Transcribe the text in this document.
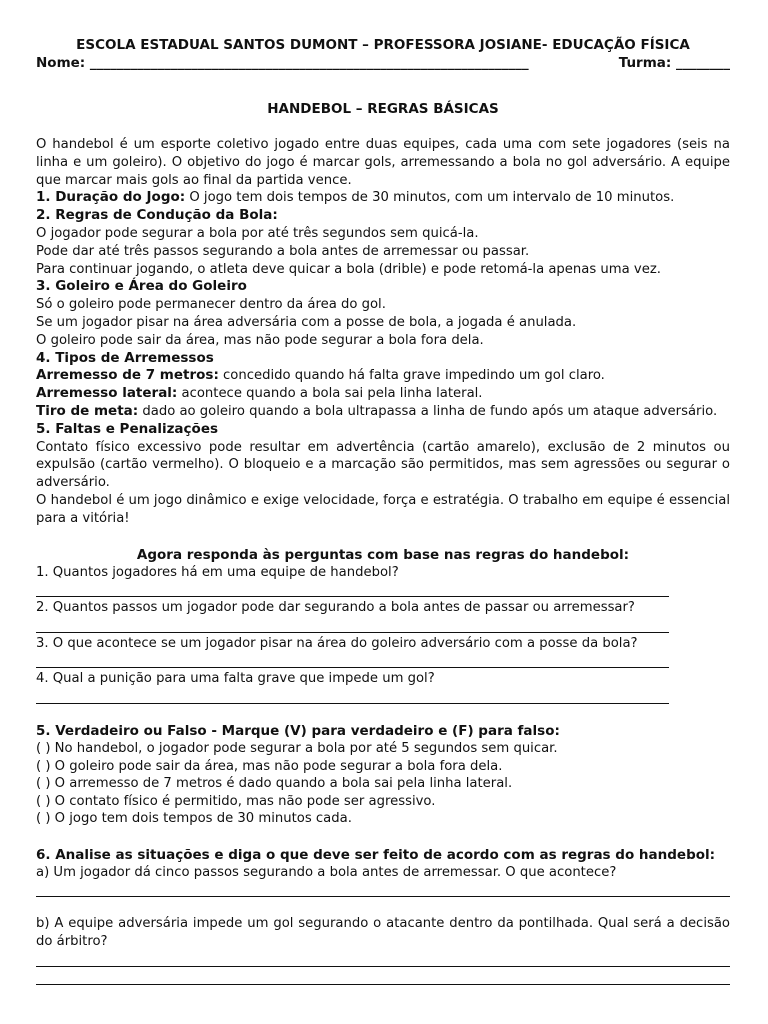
ESCOLA ESTADUAL SANTOS DUMONT – PROFESSORA JOSIANE- EDUCAÇÃO FÍSICA
Nome: _________________________________________________________________	Turma: ________
HANDEBOL – REGRAS BÁSICAS
O handebol é um esporte coletivo jogado entre duas equipes, cada uma com sete jogadores (seis na linha e um goleiro). O objetivo do jogo é marcar gols, arremessando a bola no gol adversário. A equipe que marcar mais gols ao final da partida vence.
1. Duração do Jogo: O jogo tem dois tempos de 30 minutos, com um intervalo de 10 minutos.
2. Regras de Condução da Bola:
O jogador pode segurar a bola por até três segundos sem quicá-la.
Pode dar até três passos segurando a bola antes de arremessar ou passar.
Para continuar jogando, o atleta deve quicar a bola (drible) e pode retomá-la apenas uma vez.
3. Goleiro e Área do Goleiro
Só o goleiro pode permanecer dentro da área do gol.
Se um jogador pisar na área adversária com a posse de bola, a jogada é anulada.
O goleiro pode sair da área, mas não pode segurar a bola fora dela.
4. Tipos de Arremessos
Arremesso de 7 metros: concedido quando há falta grave impedindo um gol claro.
Arremesso lateral: acontece quando a bola sai pela linha lateral.
Tiro de meta: dado ao goleiro quando a bola ultrapassa a linha de fundo após um ataque adversário.
5. Faltas e Penalizações
Contato físico excessivo pode resultar em advertência (cartão amarelo), exclusão de 2 minutos ou expulsão (cartão vermelho). O bloqueio e a marcação são permitidos, mas sem agressões ou segurar o adversário.
O handebol é um jogo dinâmico e exige velocidade, força e estratégia. O trabalho em equipe é essencial para a vitória!
Agora responda às perguntas com base nas regras do handebol:
1. Quantos jogadores há em uma equipe de handebol?
2. Quantos passos um jogador pode dar segurando a bola antes de passar ou arremessar?
3. O que acontece se um jogador pisar na área do goleiro adversário com a posse da bola?
4. Qual a punição para uma falta grave que impede um gol?
5. Verdadeiro ou Falso - Marque (V) para verdadeiro e (F) para falso:
( ) No handebol, o jogador pode segurar a bola por até 5 segundos sem quicar.
( ) O goleiro pode sair da área, mas não pode segurar a bola fora dela.
( ) O arremesso de 7 metros é dado quando a bola sai pela linha lateral.
( ) O contato físico é permitido, mas não pode ser agressivo.
( ) O jogo tem dois tempos de 30 minutos cada.
6. Analise as situações e diga o que deve ser feito de acordo com as regras do handebol:
a) Um jogador dá cinco passos segurando a bola antes de arremessar. O que acontece?
b) A equipe adversária impede um gol segurando o atacante dentro da pontilhada. Qual será a decisão do árbitro?
